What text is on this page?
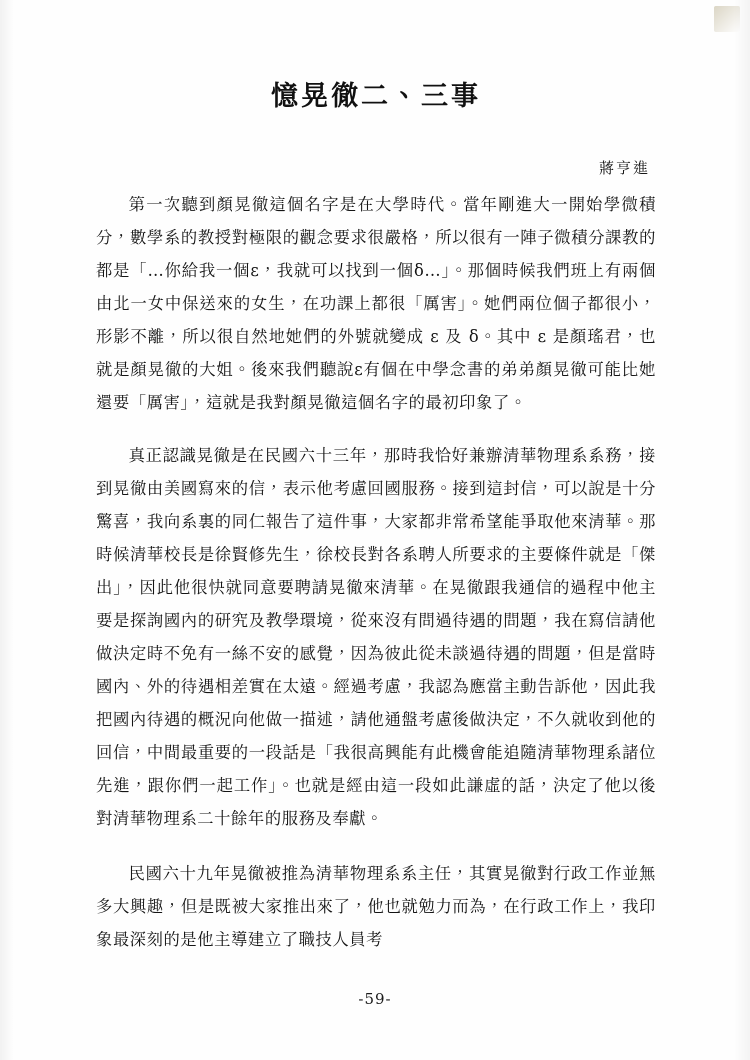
憶晃徹二、三事
蔣亨進

第一次聽到顏晃徹這個名字是在大學時代。當年剛進大一開始學微積分，數學系的教授對極限的觀念要求很嚴格，所以很有一陣子微積分課教的都是「…你給我一個ε，我就可以找到一個δ…」。那個時候我們班上有兩個由北一女中保送來的女生，在功課上都很「厲害」。她們兩位個子都很小，形影不離，所以很自然地她們的外號就變成 ε 及 δ。其中 ε 是顏瑤君，也就是顏晃徹的大姐。後來我們聽說ε有個在中學念書的弟弟顏晃徹可能比她還要「厲害」，這就是我對顏晃徹這個名字的最初印象了。

真正認識晃徹是在民國六十三年，那時我恰好兼辦清華物理系系務，接到晃徹由美國寫來的信，表示他考慮回國服務。接到這封信，可以說是十分驚喜，我向系裏的同仁報告了這件事，大家都非常希望能爭取他來清華。那時候清華校長是徐賢修先生，徐校長對各系聘人所要求的主要條件就是「傑出」，因此他很快就同意要聘請晃徹來清華。在晃徹跟我通信的過程中他主要是探詢國內的研究及教學環境，從來沒有問過待遇的問題，我在寫信請他做決定時不免有一絲不安的感覺，因為彼此從未談過待遇的問題，但是當時國內、外的待遇相差實在太遠。經過考慮，我認為應當主動告訴他，因此我把國內待遇的概況向他做一描述，請他通盤考慮後做決定，不久就收到他的回信，中間最重要的一段話是「我很高興能有此機會能追隨清華物理系諸位先進，跟你們一起工作」。也就是經由這一段如此謙虛的話，決定了他以後對清華物理系二十餘年的服務及奉獻。

民國六十九年晃徹被推為清華物理系系主任，其實晃徹對行政工作並無多大興趣，但是既被大家推出來了，他也就勉力而為，在行政工作上，我印象最深刻的是他主導建立了職技人員考

-59-
